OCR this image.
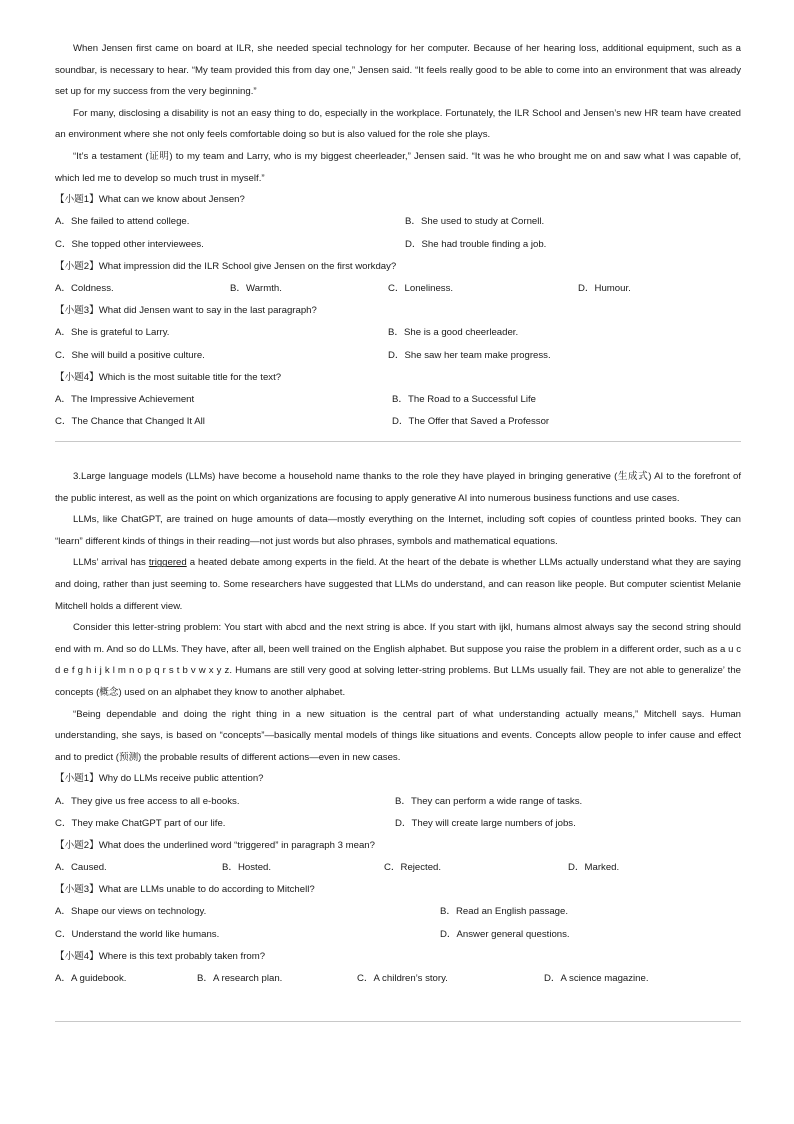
When Jensen first came on board at ILR, she needed special technology for her computer. Because of her hearing loss, additional equipment, such as a soundbar, is necessary to hear. “My team provided this from day one,” Jensen said. “It feels really good to be able to come into an environment that was already set up for my success from the very beginning.”

For many, disclosing a disability is not an easy thing to do, especially in the workplace. Fortunately, the ILR School and Jensen’s new HR team have created an environment where she not only feels comfortable doing so but is also valued for the role she plays.

“It’s a testament (证明) to my team and Larry, who is my biggest cheerleader,” Jensen said. “It was he who brought me on and saw what I was capable of, which led me to develop so much trust in myself.”

【小题1】What can we know about Jensen?

A．She failed to attend college.	B．She used to study at Cornell.
C．She topped other interviewees.	D．She had trouble finding a job.

【小题2】What impression did the ILR School give Jensen on the first workday?

A．Coldness.	B．Warmth.	C．Loneliness.	D．Humour.

【小题3】What did Jensen want to say in the last paragraph?

A．She is grateful to Larry.	B．She is a good cheerleader.
C．She will build a positive culture.	D．She saw her team make progress.

【小题4】Which is the most suitable title for the text?

A．The Impressive Achievement	B．The Road to a Successful Life
C．The Chance that Changed It All	D．The Offer that Saved a Professor

3.Large language models (LLMs) have become a household name thanks to the role they have played in bringing generative (生成式) AI to the forefront of the public interest, as well as the point on which organizations are focusing to apply generative AI into numerous business functions and use cases.

LLMs, like ChatGPT, are trained on huge amounts of data—mostly everything on the Internet, including soft copies of countless printed books. They can “learn” different kinds of things in their reading—not just words but also phrases, symbols and mathematical equations.

LLMs’ arrival has triggered a heated debate among experts in the field. At the heart of the debate is whether LLMs actually understand what they are saying and doing, rather than just seeming to. Some researchers have suggested that LLMs do understand, and can reason like people. But computer scientist Melanie Mitchell holds a different view.

Consider this letter-string problem: You start with abcd and the next string is abce. If you start with ijkl, humans almost always say the second string should end with m. And so do LLMs. They have, after all, been well trained on the English alphabet. But suppose you raise the problem in a different order, such as a u c d e f g h i j k l m n o p q r s t b v w x y z. Humans are still very good at solving letter-string problems. But LLMs usually fail. They are not able to generalize’ the concepts (概念) used on an alphabet they know to another alphabet.

“Being dependable and doing the right thing in a new situation is the central part of what understanding actually means,” Mitchell says. Human understanding, she says, is based on “concepts”—basically mental models of things like situations and events. Concepts allow people to infer cause and effect and to predict (预测) the probable results of different actions—even in new cases.

【小题1】Why do LLMs receive public attention?

A．They give us free access to all e-books.	B．They can perform a wide range of tasks.
C．They make ChatGPT part of our life.	D．They will create large numbers of jobs.

【小题2】What does the underlined word “triggered” in paragraph 3 mean?

A．Caused.	B．Hosted.	C．Rejected.	D．Marked.

【小题3】What are LLMs unable to do according to Mitchell?

A．Shape our views on technology.	B．Read an English passage.
C．Understand the world like humans.	D．Answer general questions.

【小题4】Where is this text probably taken from?

A．A guidebook.	B．A research plan.	C．A children’s story.	D．A science magazine.
